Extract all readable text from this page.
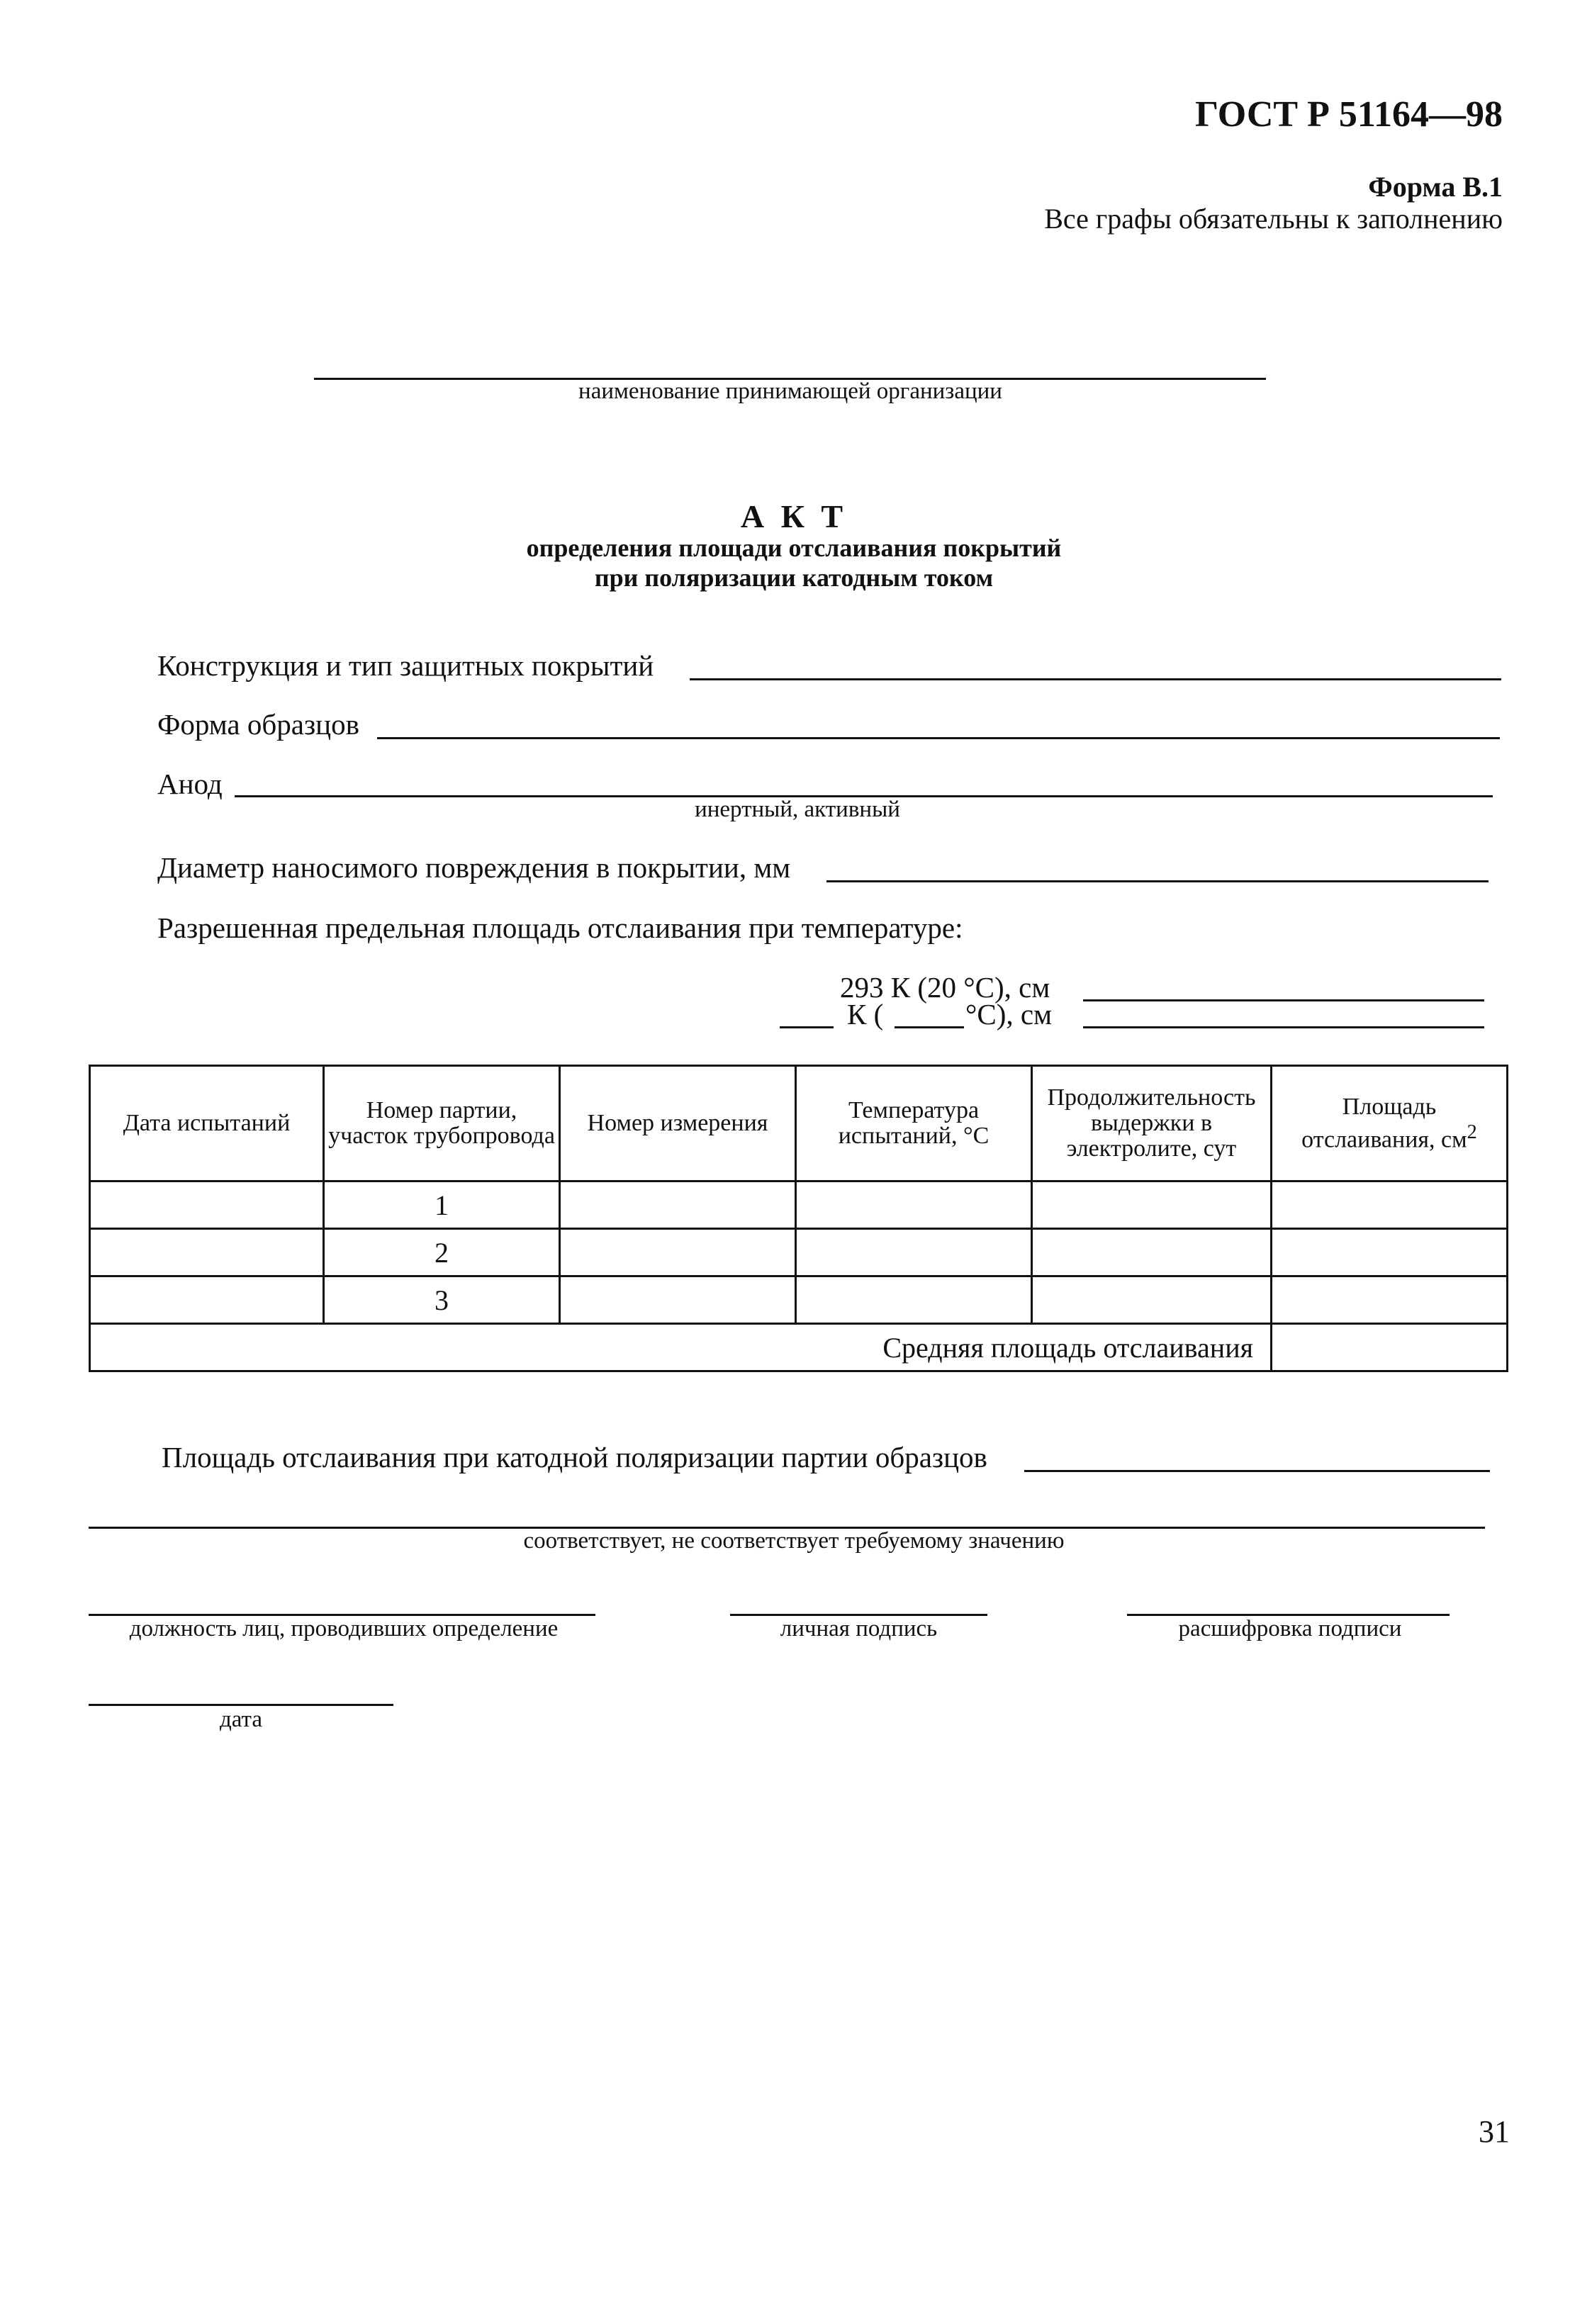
ГОСТ Р 51164—98
Форма В.1
Все графы обязательны к заполнению
наименование принимающей организации
А К Т
определения площади отслаивания покрытий
при поляризации катодным током
Конструкция и тип защитных покрытий
Форма образцов
Анод
инертный, активный
Диаметр наносимого повреждения в покрытии, мм
Разрешенная предельная площадь отслаивания при температуре:
293 К (20 °С), см
К (	°С), см
Дата испытаний	Номер партии, участок трубопровода	Номер измерения	Температура испытаний, °С	Продолжительность выдержки в электролите, сут	Площадь отслаивания, $см^2$
	1				
	2				
	3				
Средняя площадь отслаивания					
Площадь отслаивания при катодной поляризации партии образцов
соответствует, не соответствует требуемому значению
должность лиц, проводивших определение	личная подпись	расшифровка подписи
дата
31
